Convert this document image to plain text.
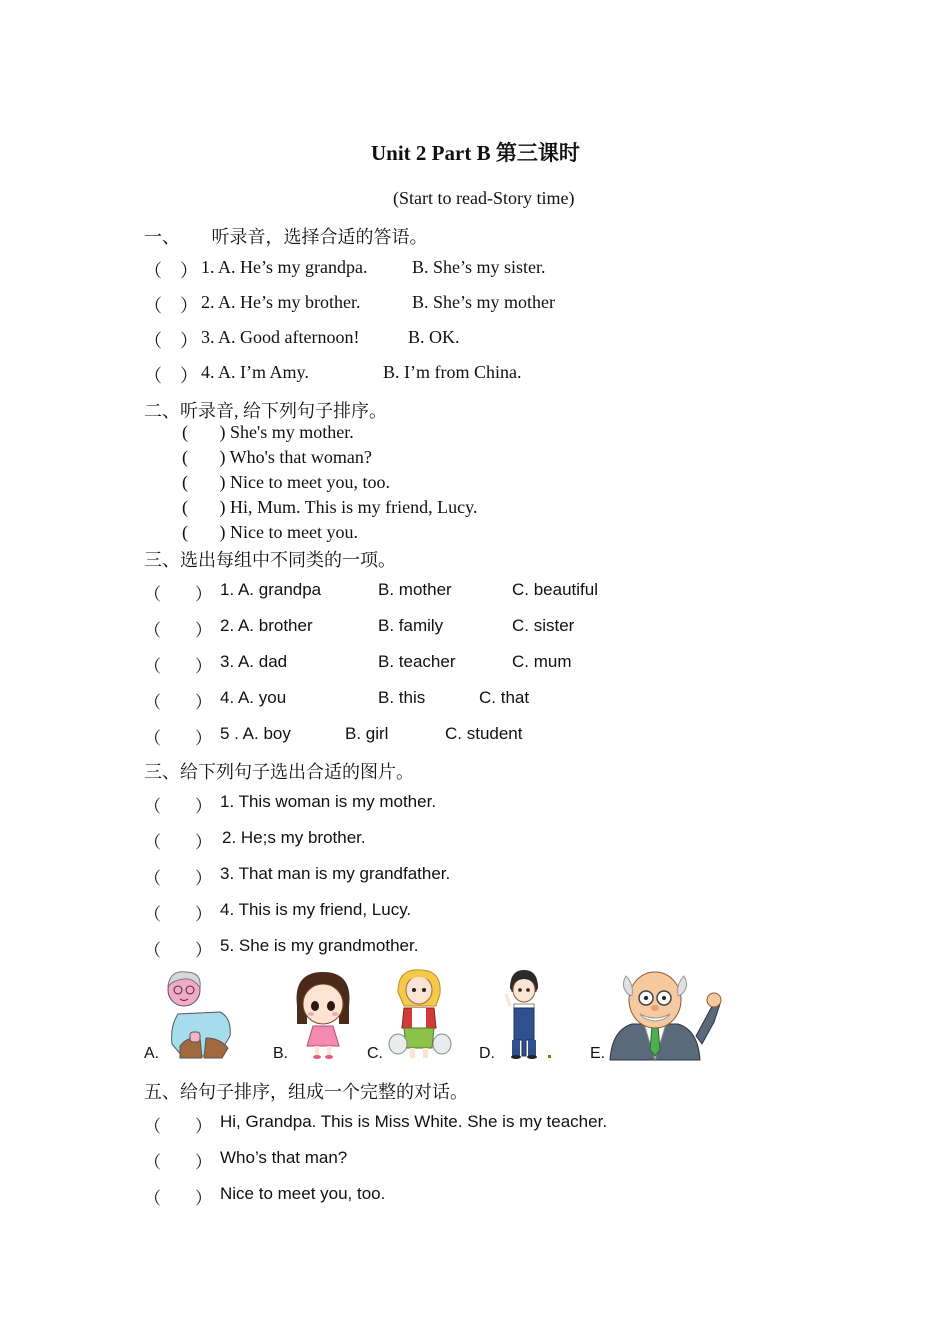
Unit 2 Part B 第三课时
(Start to read-Story time)
一、       听录音，选择合适的答语。
（　） 1. A. He’s my grandpa. B. She’s my sister.
（　） 2. A. He’s my brother.	B. She’s my mother
（　） 3. A. Good afternoon!	B. OK.
（　） 4. A. I’m Amy.	B. I’m from China.
二、听录音, 给下列句子排序。
(       ) She's my mother.
(       ) Who's that woman?
(       ) Nice to meet you, too.
(       ) Hi, Mum. This is my friend, Lucy.
(       ) Nice to meet you.
三、选出每组中不同类的一项。
（　　） 1. A. grandpa	B. mother	C. beautiful
（　　） 2. A. brother	B. family	C. sister
（　　） 3. A. dad	B. teacher	C. mum
（　　） 4. A. you	B. this	C. that
（　　） 5 . A. boy	B. girl	C. student
三、给下列句子选出合适的图片。
（　　） 1. This woman is my mother.
（　　） 2. He;s my brother.
（　　） 3. That man is my grandfather.
（　　） 4. This is my friend, Lucy.
（　　） 5. She is my grandmother.
A.	B.	C.	D.	E.
五、给句子排序，组成一个完整的对话。
（　　） Hi, Grandpa. This is Miss White. She is my teacher.
（　　） Who’s that man?
（　　） Nice to meet you, too.
